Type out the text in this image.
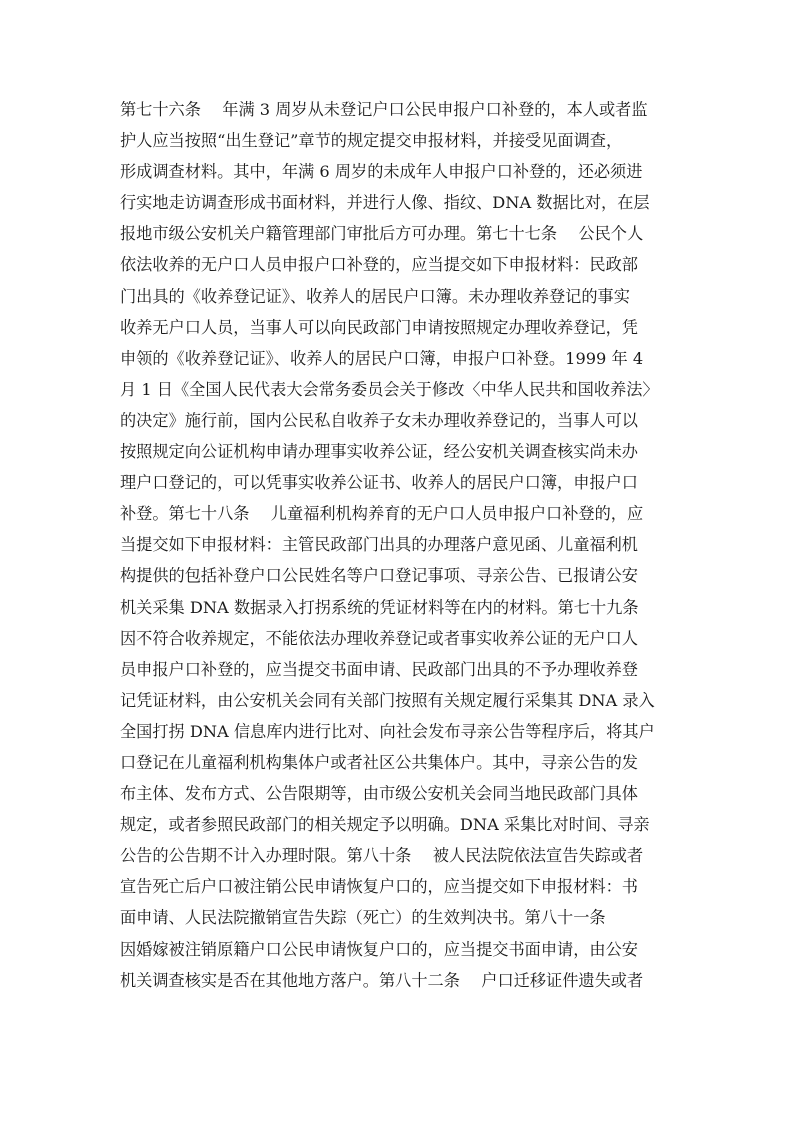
第七十六条　 年满 3 周岁从未登记户口公民申报户口补登的，本人或者监
护人应当按照“出生登记”章节的规定提交申报材料，并接受见面调查，
形成调查材料。其中，年满 6 周岁的未成年人申报户口补登的，还必须进
行实地走访调查形成书面材料，并进行人像、指纹、DNA 数据比对，在层
报地市级公安机关户籍管理部门审批后方可办理。第七十七条　 公民个人
依法收养的无户口人员申报户口补登的，应当提交如下申报材料：民政部
门出具的《收养登记证》、收养人的居民户口簿。未办理收养登记的事实
收养无户口人员，当事人可以向民政部门申请按照规定办理收养登记，凭
申领的《收养登记证》、收养人的居民户口簿，申报户口补登。1999 年 4
月 1 日《全国人民代表大会常务委员会关于修改〈中华人民共和国收养法〉
的决定》施行前，国内公民私自收养子女未办理收养登记的，当事人可以
按照规定向公证机构申请办理事实收养公证，经公安机关调查核实尚未办
理户口登记的，可以凭事实收养公证书、收养人的居民户口簿，申报户口
补登。第七十八条　 儿童福利机构养育的无户口人员申报户口补登的，应
当提交如下申报材料：主管民政部门出具的办理落户意见函、儿童福利机
构提供的包括补登户口公民姓名等户口登记事项、寻亲公告、已报请公安
机关采集 DNA 数据录入打拐系统的凭证材料等在内的材料。第七十九条
因不符合收养规定，不能依法办理收养登记或者事实收养公证的无户口人
员申报户口补登的，应当提交书面申请、民政部门出具的不予办理收养登
记凭证材料，由公安机关会同有关部门按照有关规定履行采集其 DNA 录入
全国打拐 DNA 信息库内进行比对、向社会发布寻亲公告等程序后，将其户
口登记在儿童福利机构集体户或者社区公共集体户。其中，寻亲公告的发
布主体、发布方式、公告限期等，由市级公安机关会同当地民政部门具体
规定，或者参照民政部门的相关规定予以明确。DNA 采集比对时间、寻亲
公告的公告期不计入办理时限。第八十条　 被人民法院依法宣告失踪或者
宣告死亡后户口被注销公民申请恢复户口的，应当提交如下申报材料：书
面申请、人民法院撤销宣告失踪（死亡）的生效判决书。第八十一条
因婚嫁被注销原籍户口公民申请恢复户口的，应当提交书面申请，由公安
机关调查核实是否在其他地方落户。第八十二条　 户口迁移证件遗失或者
